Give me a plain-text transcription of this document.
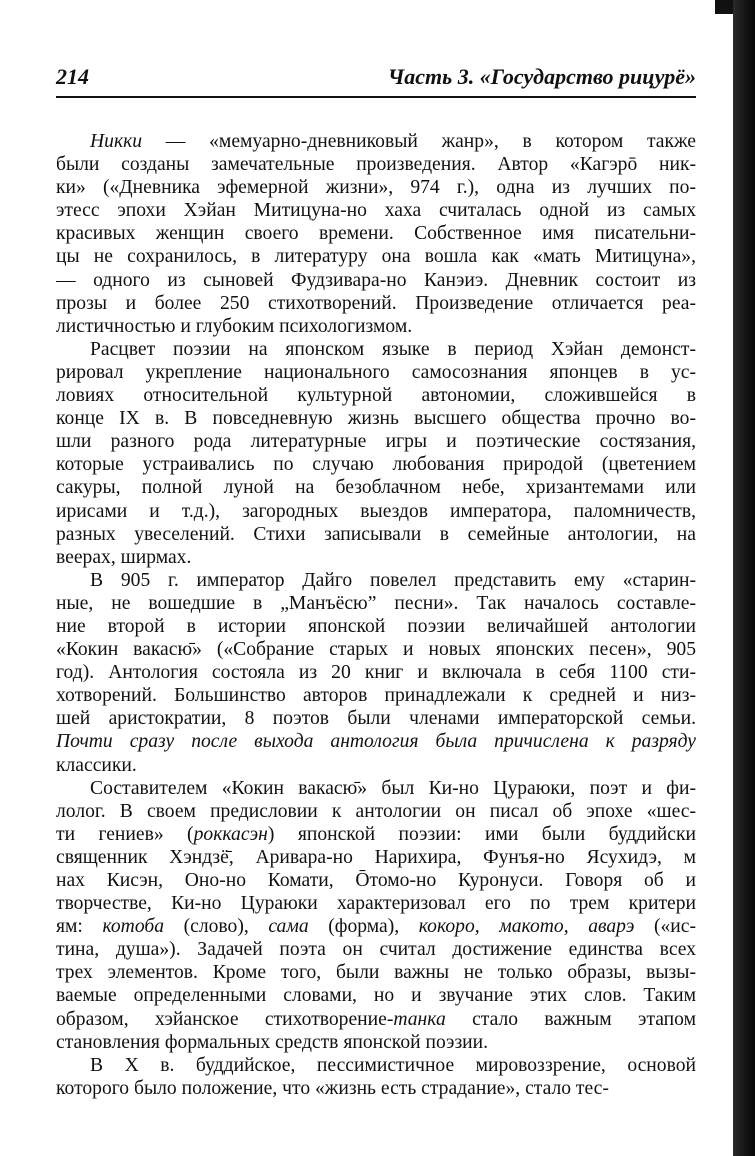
214	Часть 3. «Государство рицурё»
Никки — «мемуарно-дневниковый жанр», в котором также
были созданы замечательные произведения. Автор «Кагэрō ник-
ки» («Дневника эфемерной жизни», 974 г.), одна из лучших по-
этесс эпохи Хэйан Митицуна-но хаха считалась одной из самых
красивых женщин своего времени. Собственное имя писательни-
цы не сохранилось, в литературу она вошла как «мать Митицуна»,
— одного из сыновей Фудзивара-но Канэиэ. Дневник состоит из
прозы и более 250 стихотворений. Произведение отличается реа-
листичностью и глубоким психологизмом.
Расцвет поэзии на японском языке в период Хэйан демонст-
рировал укрепление национального самосознания японцев в ус-
ловиях относительной культурной автономии, сложившейся в
конце IX в. В повседневную жизнь высшего общества прочно во-
шли разного рода литературные игры и поэтические состязания,
которые устраивались по случаю любования природой (цветением
сакуры, полной луной на безоблачном небе, хризантемами или
ирисами и т.д.), загородных выездов императора, паломничеств,
разных увеселений. Стихи записывали в семейные антологии, на
веерах, ширмах.
В 905 г. император Дайго повелел представить ему «старин-
ные, не вошедшие в „Манъёсю” песни». Так началось составле-
ние второй в истории японской поэзии величайшей антологии
«Кокин вакасю̄» («Собрание старых и новых японских песен», 905
год). Антология состояла из 20 книг и включала в себя 1100 сти-
хотворений. Большинство авторов принадлежали к средней и низ-
шей аристократии, 8 поэтов были членами императорской семьи.
Почти сразу после выхода антология была причислена к разряду
классики.
Составителем «Кокин вакасю̄» был Ки-но Цураюки, поэт и фи-
лолог. В своем предисловии к антологии он писал об эпохе «шес-
ти гениев» (роккасэн) японской поэзии: ими были буддийски
священник Хэндзё̄, Аривара-но Нарихира, Фунъя-но Ясухидэ, м
нах Кисэн, Оно-но Комати, Ōтомо-но Куронуси. Говоря об и
творчестве, Ки-но Цураюки характеризовал его по трем критери
ям: котоба (слово), сама (форма), кокоро, макото, аварэ («ис-
тина, душа»). Задачей поэта он считал достижение единства всех
трех элементов. Кроме того, были важны не только образы, вызы-
ваемые определенными словами, но и звучание этих слов. Таким
образом, хэйанское стихотворение-танка стало важным этапом
становления формальных средств японской поэзии.
В X в. буддийское, пессимистичное мировоззрение, основой
которого было положение, что «жизнь есть страдание», стало тес-
